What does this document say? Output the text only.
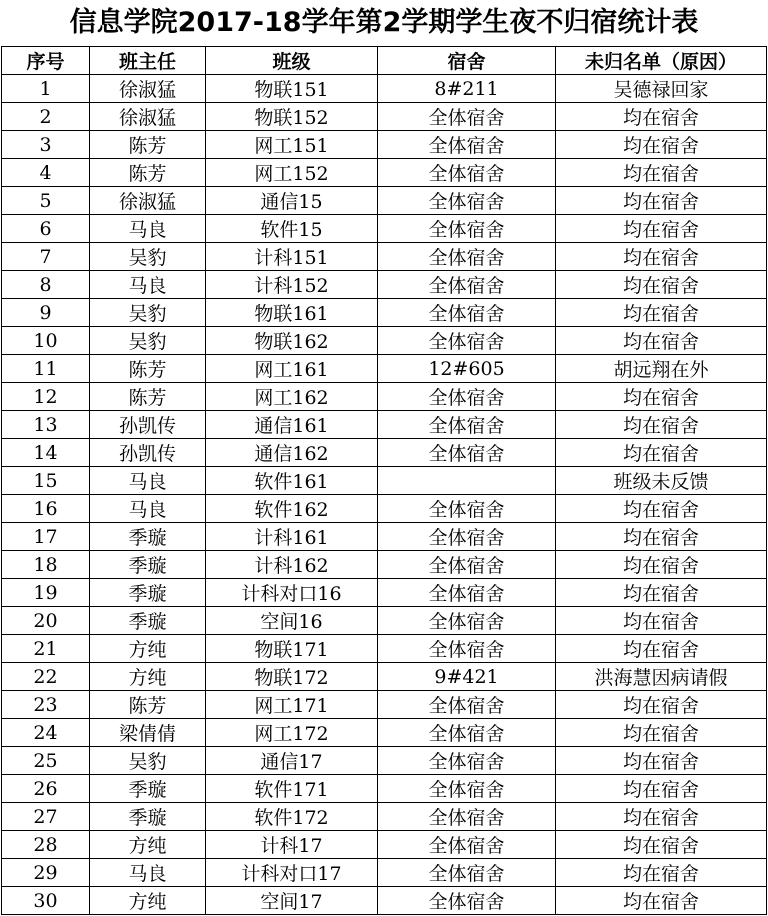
信息学院2017-18学年第2学期学生夜不归宿统计表
序号	班主任	班级	宿舍	未归名单（原因）
1	徐淑猛	物联151	8#211	吴德禄回家
2	徐淑猛	物联152	全体宿舍	均在宿舍
3	陈芳	网工151	全体宿舍	均在宿舍
4	陈芳	网工152	全体宿舍	均在宿舍
5	徐淑猛	通信15	全体宿舍	均在宿舍
6	马良	软件15	全体宿舍	均在宿舍
7	吴豹	计科151	全体宿舍	均在宿舍
8	马良	计科152	全体宿舍	均在宿舍
9	吴豹	物联161	全体宿舍	均在宿舍
10	吴豹	物联162	全体宿舍	均在宿舍
11	陈芳	网工161	12#605	胡远翔在外
12	陈芳	网工162	全体宿舍	均在宿舍
13	孙凯传	通信161	全体宿舍	均在宿舍
14	孙凯传	通信162	全体宿舍	均在宿舍
15	马良	软件161		班级未反馈
16	马良	软件162	全体宿舍	均在宿舍
17	季璇	计科161	全体宿舍	均在宿舍
18	季璇	计科162	全体宿舍	均在宿舍
19	季璇	计科对口16	全体宿舍	均在宿舍
20	季璇	空间16	全体宿舍	均在宿舍
21	方纯	物联171	全体宿舍	均在宿舍
22	方纯	物联172	9#421	洪海慧因病请假
23	陈芳	网工171	全体宿舍	均在宿舍
24	梁倩倩	网工172	全体宿舍	均在宿舍
25	吴豹	通信17	全体宿舍	均在宿舍
26	季璇	软件171	全体宿舍	均在宿舍
27	季璇	软件172	全体宿舍	均在宿舍
28	方纯	计科17	全体宿舍	均在宿舍
29	马良	计科对口17	全体宿舍	均在宿舍
30	方纯	空间17	全体宿舍	均在宿舍
